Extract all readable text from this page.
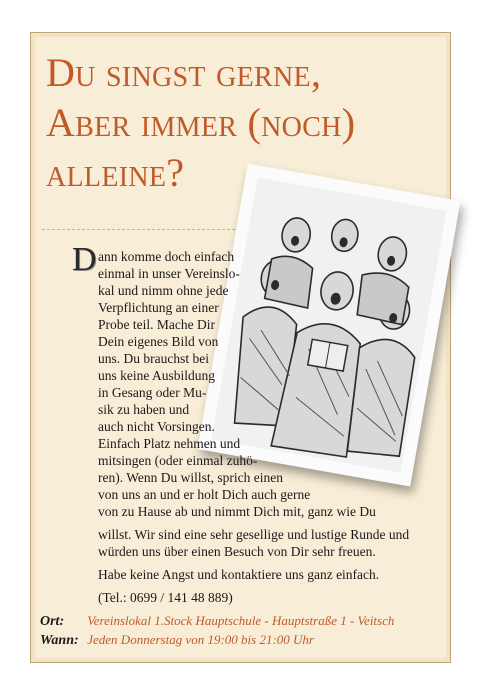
Du singst gerne,
Aber immer (noch)
alleine?
D ann komme doch einfach
einmal in unser Vereinslo-
kal und nimm ohne jede
Verpflichtung an einer
Probe teil. Mache Dir
Dein eigenes Bild von
uns. Du brauchst bei
uns keine Ausbildung
in Gesang oder Mu-
sik zu haben und
auch nicht Vorsingen.
Einfach Platz nehmen und
mitsingen (oder einmal zuhö-
ren). Wenn Du willst, sprich einen
von uns an und er holt Dich auch gerne
von zu Hause ab und nimmt Dich mit, ganz wie Du
willst. Wir sind eine sehr gesellige und lustige Runde und
würden uns über einen Besuch von Dir sehr freuen.
Habe keine Angst und kontaktiere uns ganz einfach.
(Tel.: 0699 / 141 48 889)
Ort: Vereinslokal 1.Stock Hauptschule - Hauptstraße 1 - Veitsch
Wann: Jeden Donnerstag von 19:00 bis 21:00 Uhr
